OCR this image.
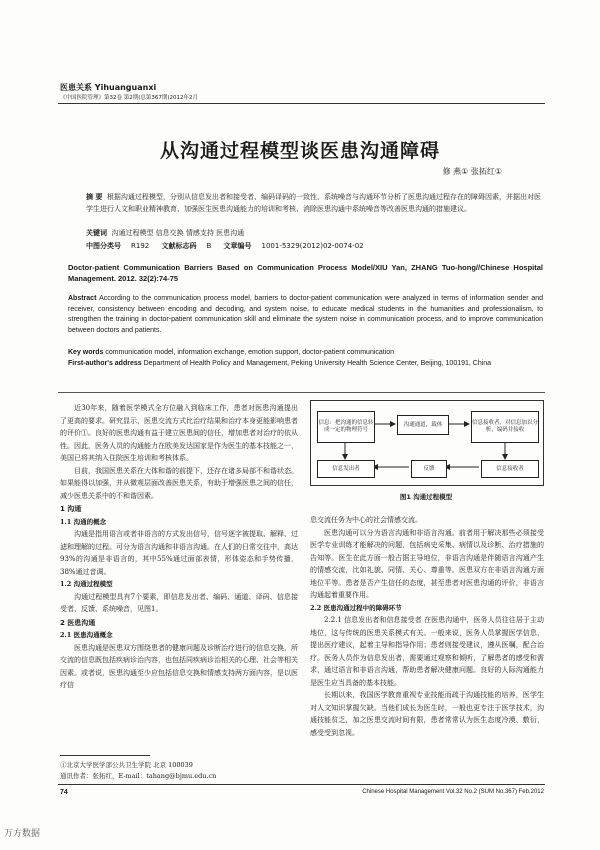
医患关系 Yihuanguanxi
《中国医院管理》第32卷 第2期(总第367期)2012年2月
从沟通过程模型谈医患沟通障碍
修 燕① 张拓红①
摘 要 根据沟通过程模型，分别从信息发出者和接受者、编码译码的一致性、系统噪音与沟通环节分析了医患沟通过程存在的障碍因素，并据出对医学生进行人文和职业精神教育、加强医生医患沟通能力的培训和考核、消除医患沟通中系统噪音等改善医患沟通的措施建议。
关键词 沟通过程模型 信息交换 情感支持 医患沟通
中图分类号 R192 文献标志码 B 文章编号 1001-5329(2012)02-0074-02
Doctor-patient Communication Barriers Based on Communication Process Model/XIU Yan, ZHANG Tuo-hong//Chinese Hospital Management. 2012. 32(2):74-75
Abstract According to the communication process model, barriers to doctor-patient communication were analyzed in terms of information sender and receiver, consistency between encoding and decoding, and system noise, to educate medical students in the humanities and professionalism, to strengthen the training in doctor-patient communication skill and eliminate the system noise in communication process, and to improve communication between doctors and patients.
Key words communication model, information exchange, emotion support, doctor-patient communication
First-author's address Department of Health Policy and Management, Peking University Health Science Center, Beijing, 100191, China

近30年来，随着医学模式全方位融入到临床工作，患者对医患沟通提出了更高的要求。研究显示，医患交流方式比治疗结果和治疗本身更能影响患者的评价①。良好的医患沟通有益于建立医患间的信任，增加患者对治疗的依从性。因此，医务人员的沟通能力在欧美发达国家是作为医生的基本技能之一，美国已将其纳入住院医生培训和考核体系。

目前，我国医患关系在大体和谐的前提下，还存在诸多局部不和谐状态。如果能得以加强，并从微观层面改善医患关系，有助于增强医患之间的信任，减少医患关系中的不和谐因素。

1 沟通

1.1 沟通的概念

沟通是指用语言或者非语言的方式发出信号，信号逐字被提取、解释、过滤和理解的过程。可分为语言沟通和非语言沟通。在人们的日常交往中，高达93%的沟通是非语言的，其中55%通过面部表情，形体姿态和手势传播，38%通过音调。

1.2 沟通过程模型

沟通过程模型具有7个要素，即信息发出者、编码、通道、译码、信息接受者、反馈、系统噪音，见图1。

2 医患沟通

2.1 医患沟通概念

医患沟通是医患双方围绕患者的健康问题及诊断治疗进行的信息交换，所交流的信息既包括疾病诊治内容，也包括同疾病诊治相关的心理、社会等相关因素。或者说，医患沟通至少应包括信息交换和情感支持两方面内容，是以医疗信

信息：把沟通的信息转成一定的物理符号
沟通通道，载体	信息接收者，对信息加以分析，编码并接收
信息发出者	反馈	信息接收者
图1 沟通过程模型

息交流任务为中心的社会情感交流。

医患沟通可以分为语言沟通和非语言沟通。前者用于解决那些必须接受医学专业训练才能解决的问题，包括病史采集、病情以及诊断、治疗措施的告知等。医生在此方面一般占据主导地位，非语言沟通是伴随语言沟通产生的情感交流，比如礼貌、同情、关心、尊重等。医患双方在非语言沟通方面地位平等。患者是否产生信任的态度，甚至患者对医患沟通的评价，非语言沟通起着重要作用。

2.2 医患沟通过程中的障碍环节

2.2.1 信息发出者和信息接受者 在医患沟通中，医务人员往往居于主动地位，这与传统的医患关系模式有关。一般来说，医务人员掌握医学信息，提出医疗建议，起着主导和指导作用；患者则接受建议，遵从医嘱，配合治疗。医务人员作为信息发出者，需要通过观察和倾听，了解患者的感受和需求，通过语言和非语言沟通，帮助患者解决健康问题。良好的人际沟通能力是医生应当具备的基本技能。

长期以来，我国医学教育重视专业技能而疏于沟通技能的培养，医学生对人文知识掌握欠缺。当他们成长为医生时，一般也更专注于医学技术，沟通技能贫乏，加之医患交流时间有限，患者常常认为医生态度冷漠、敷衍，感受受到忽视。

①北京大学医学部公共卫生学院 北京 100039
通讯作者：张拓红，E-mail：tahang@bjmu.edu.cn
74	Chinese Hospital Management Vol.32 No.2 (SUM No.367) Feb.2012
万方数据
